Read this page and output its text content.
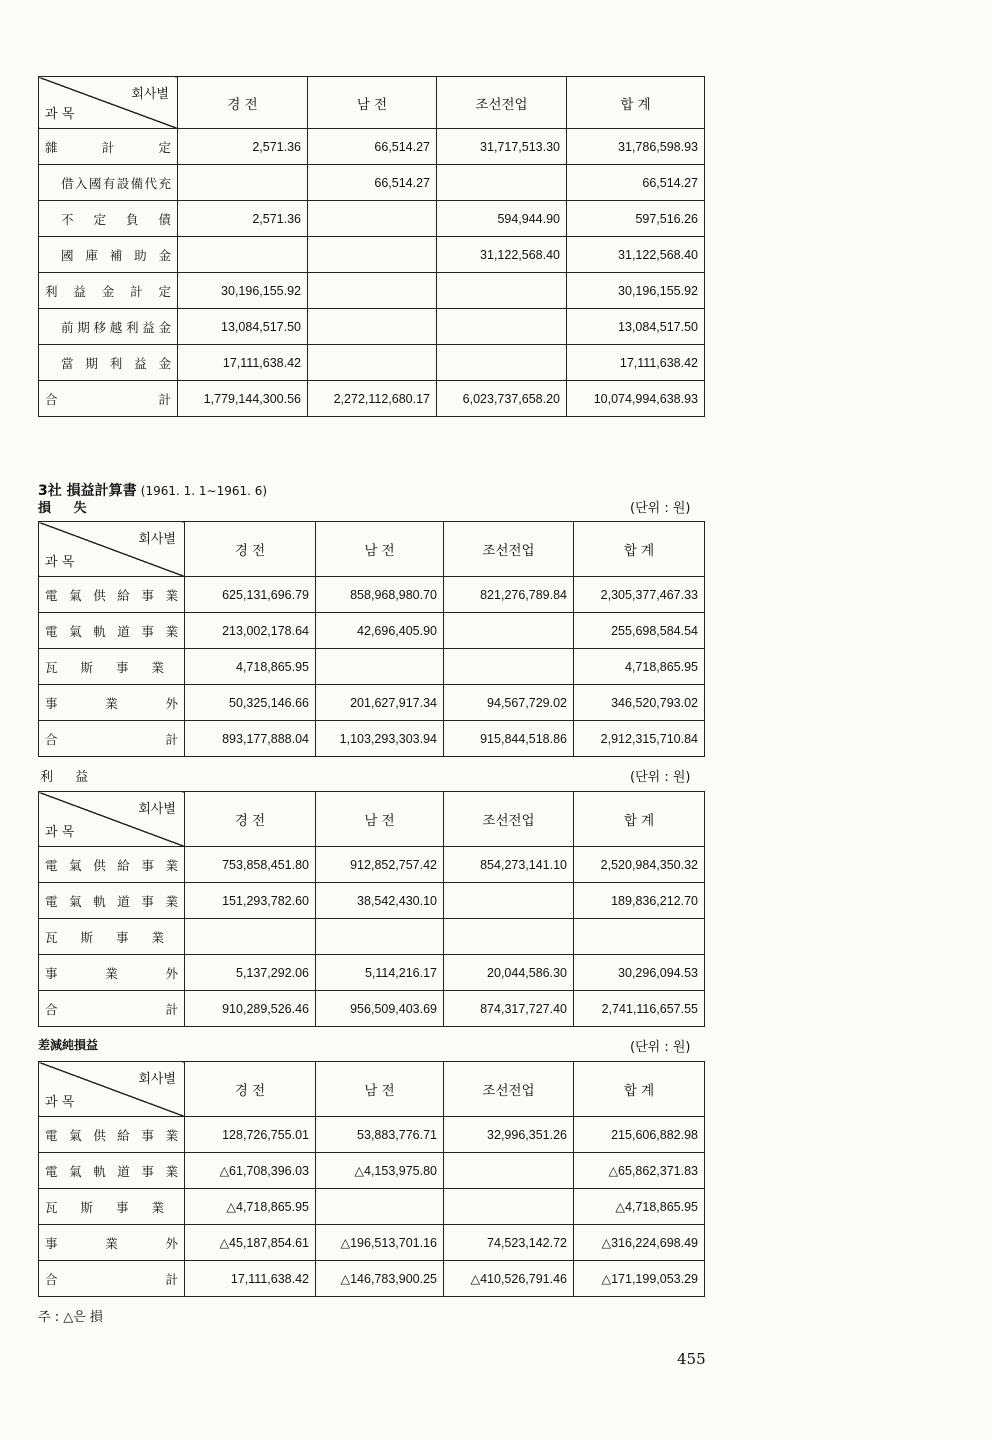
회사별
과 목	경 전	남 전	조선전업	합 계
雜 計 定	2,571.36	66,514.27	31,717,513.30	31,786,598.93
借入國有設備代充		66,514.27		66,514.27
不 定 負 債	2,571.36		594,944.90	597,516.26
國 庫 補 助 金			31,122,568.40	31,122,568.40
利 益 金 計 定	30,196,155.92			30,196,155.92
前期移越利益金	13,084,517.50			13,084,517.50
當 期 利 益 金	17,111,638.42			17,111,638.42
合 計	1,779,144,300.56	2,272,112,680.17	6,023,737,658.20	10,074,994,638.93
3社 損益計算書 (1961. 1. 1∼1961. 6)
損 失	(단위 : 원)
회사별
과 목	경 전	남 전	조선전업	합 계
電 氣 供 給 事 業	625,131,696.79	858,968,980.70	821,276,789.84	2,305,377,467.33
電 氣 軌 道 事 業	213,002,178.64	42,696,405.90		255,698,584.54
瓦 斯 事 業	4,718,865.95			4,718,865.95
事 業 外	50,325,146.66	201,627,917.34	94,567,729.02	346,520,793.02
合 計	893,177,888.04	1,103,293,303.94	915,844,518.86	2,912,315,710.84
利 益	(단위 : 원)
회사별
과 목	경 전	남 전	조선전업	합 계
電 氣 供 給 事 業	753,858,451.80	912,852,757.42	854,273,141.10	2,520,984,350.32
電 氣 軌 道 事 業	151,293,782.60	38,542,430.10		189,836,212.70
瓦 斯 事 業				
事 業 外	5,137,292.06	5,114,216.17	20,044,586.30	30,296,094.53
合 計	910,289,526.46	956,509,403.69	874,317,727.40	2,741,116,657.55
差減純損益	(단위 : 원)
회사별
과 목	경 전	남 전	조선전업	합 계
電 氣 供 給 事 業	128,726,755.01	53,883,776.71	32,996,351.26	215,606,882.98
電 氣 軌 道 事 業	△61,708,396.03	△4,153,975.80		△65,862,371.83
瓦 斯 事 業	△4,718,865.95			△4,718,865.95
事 業 外	△45,187,854.61	△196,513,701.16	74,523,142.72	△316,224,698.49
合 計	17,111,638.42	△146,783,900.25	△410,526,791.46	△171,199,053.29
주 : △은 損
455
